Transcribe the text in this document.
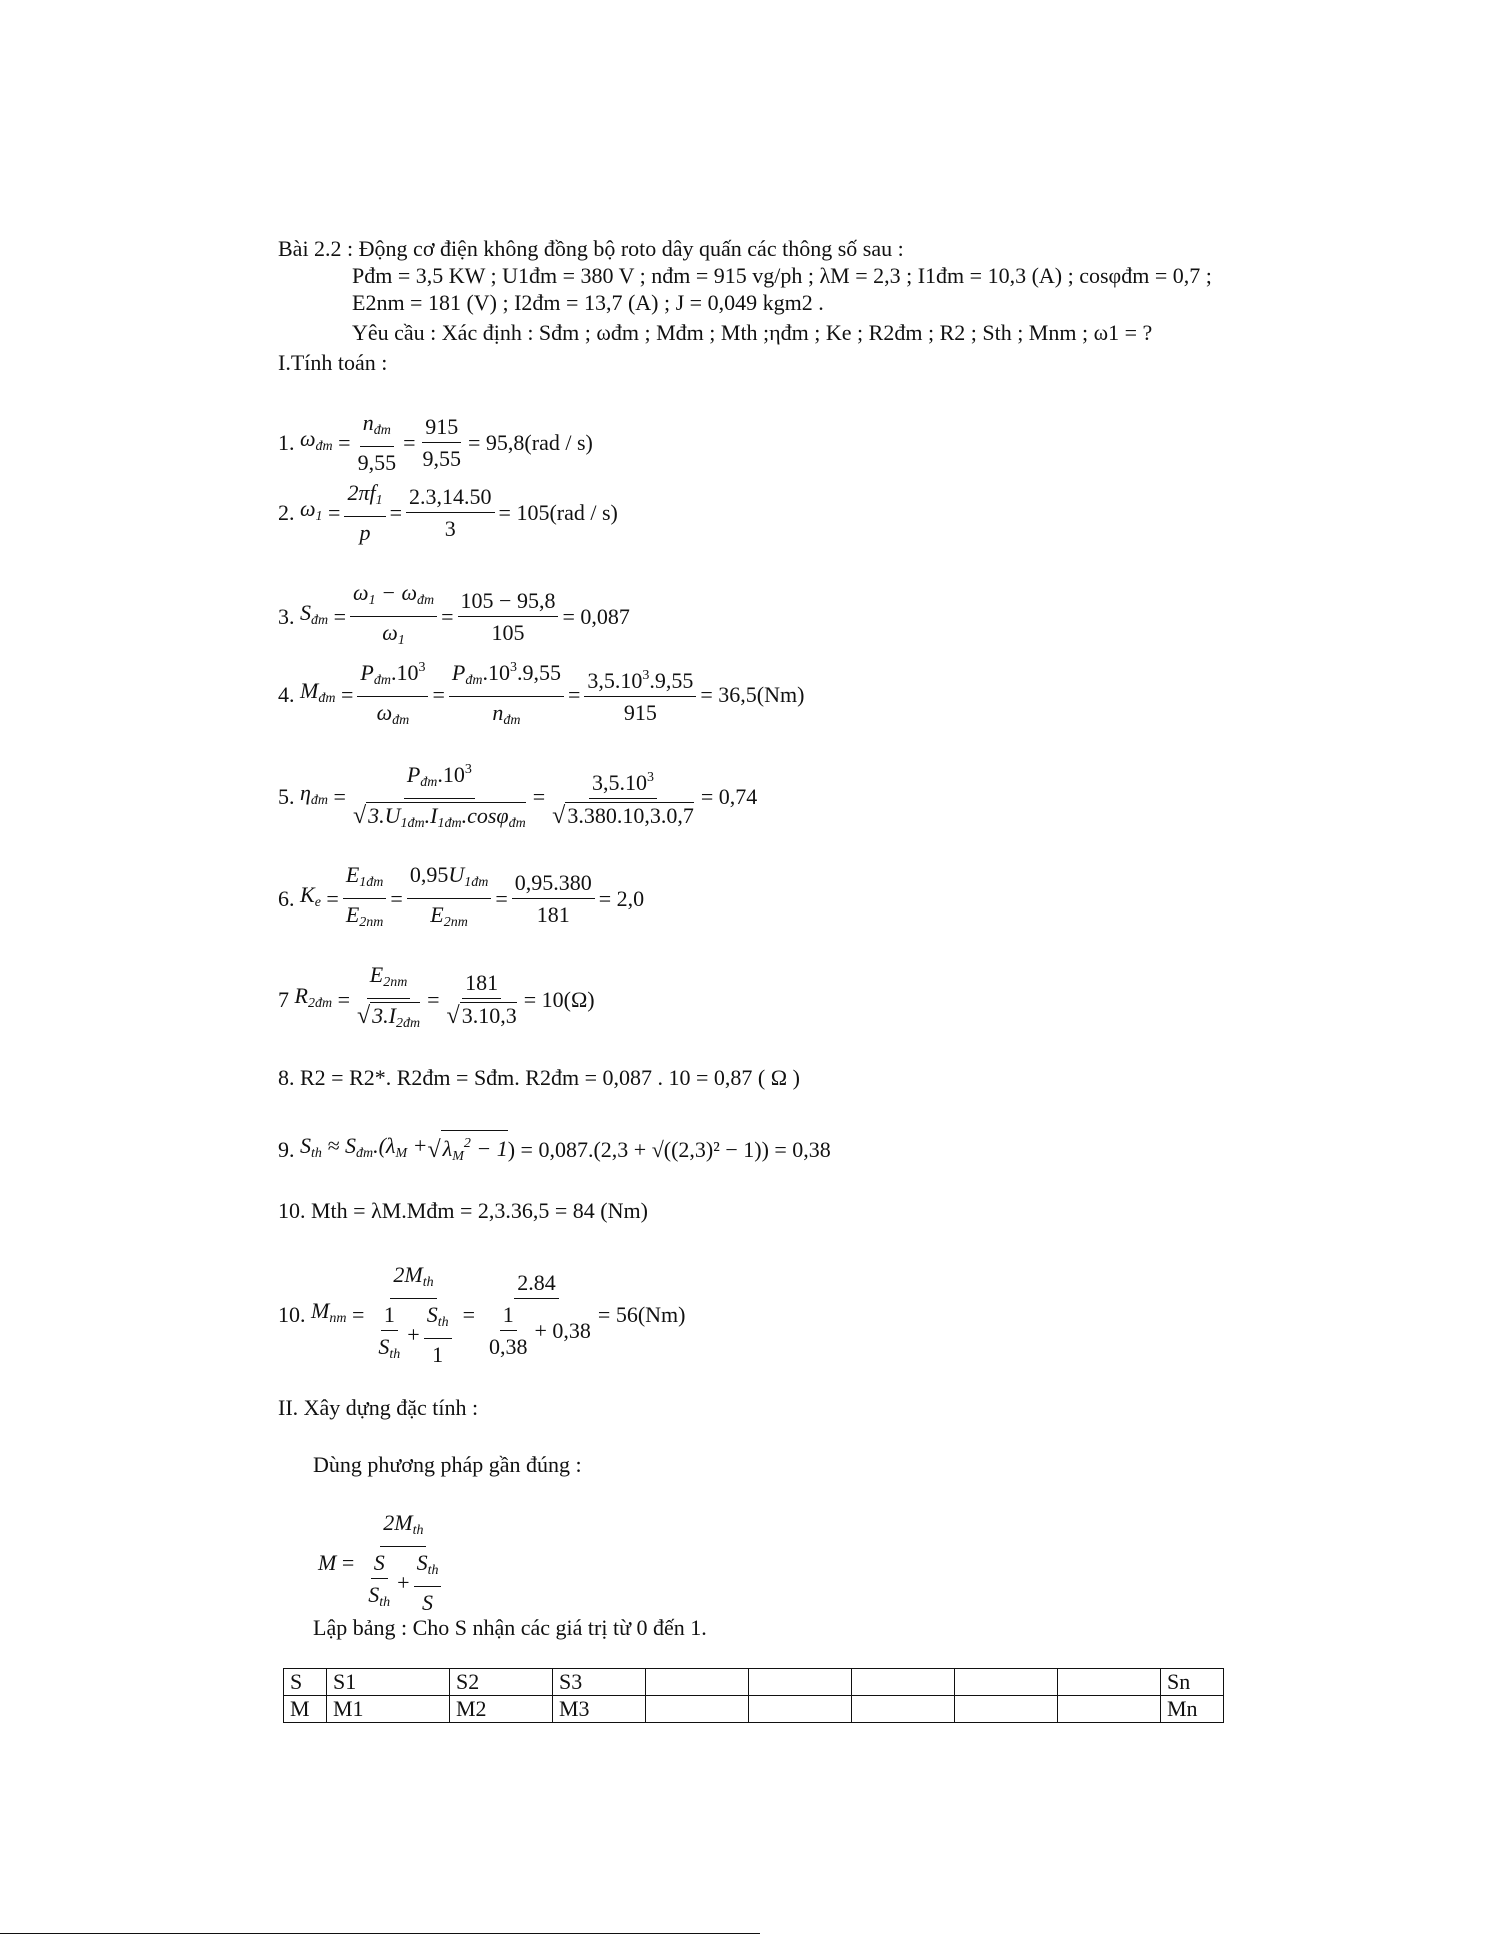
Bài 2.2 : Động cơ điện không đồng bộ roto dây quấn các thông số sau :
Pđm = 3,5 KW ; U1đm = 380 V ; nđm = 915 vg/ph ; λM = 2,3 ; I1đm = 10,3 (A) ; cosφđm = 0,7 ;
E2nm = 181 (V) ; I2đm = 13,7 (A) ; J = 0,049 kgm2 .
Yêu cầu : Xác định : Sđm ; ωđm ; Mđm ; Mth ;ηđm ; Ke ; R2đm ; R2 ; Sth ; Mnm ; ω1 = ?
I.Tính toán :
1.
$\omega_{đm}$ =
$n_{đm}$
9,55
= $\frac{915}{9,55} = 95,8(rad / s)$
2.
$\omega_1$ =
$2\pi f_1$
p
= $\frac{2.3,14.50}{3} = 105(rad / s)$
3.
$S_{đm}$ =
$\omega_1 - \omega_{đm}$
$\omega_1$
= $\frac{105 - 95,8}{105} = 0,087$
4.
$M_{đm}$ =
$P_{đm}.10^3$
$\omega_{đm}$
=
$P_{đm}.10^3.9,55$
$n_{đm}$
= $\frac{3,5.10^3.9,55}{915} = 36,5(Nm)$
5.
$\eta_{đm}$ =
$P_{đm}.10^3$
$√3.U_{1đm}.I_{1đm}.\cos\varphi_{đm}$
= $\frac{3,5.10^3}{√3.380.10,3.0,7} = 0,74$
6.
$K_e$ =
$E_{1đm}$
$E_{2nm}$
=
$0,95U_{1đm}$
$E_{2nm}$
= $\frac{0,95.380}{181} = 2,0$
7
$R_{2đm}$ =
$E_{2nm}$
$√3.I_{2đm}$
= $\frac{181}{√3.10,3} = 10(\Omega)$
8. R2 = R2*. R2đm = Sđm. R2đm = 0,087 . 10 = 0,87 ( Ω )
9.
$S_{th} \approx S_{đm}.(\lambda_M$ + √ $\lambda_M^2 - 1$ ) = 0,087.(2,3 + √((2,3)² − 1)) = 0,38
10. Mth = λM.Mđm = 2,3.36,5 = 84 (Nm)
10.
$M_{nm}$ =
$2M_{th}$
1
$S_{th}$
+
$S_{th}$
1
= 2.84
1
0,38
+ 0,38 = 56(Nm)
II. Xây dựng đặc tính :
Dùng phương pháp gần đúng :
M =
$2M_{th}$
S
$S_{th}$
+
$S_{th}$
S
Lập bảng : Cho S nhận các giá trị từ 0 đến 1.
S	S1	S2	S3						Sn
M	M1	M2	M3						Mn
